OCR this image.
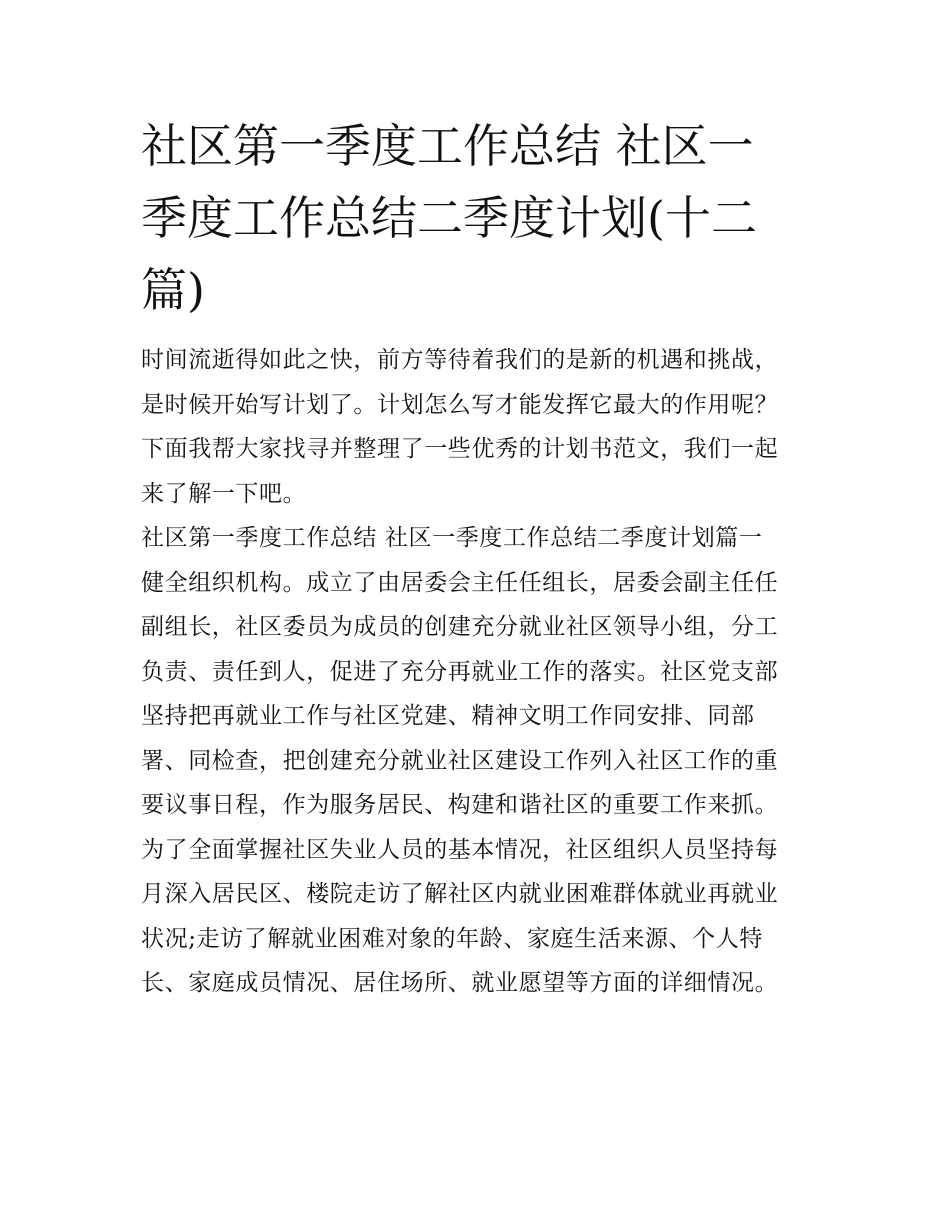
社区第一季度工作总结 社区一
季度工作总结二季度计划(十二
篇)
时间流逝得如此之快，前方等待着我们的是新的机遇和挑战，
是时候开始写计划了。计划怎么写才能发挥它最大的作用呢？
下面我帮大家找寻并整理了一些优秀的计划书范文，我们一起
来了解一下吧。
社区第一季度工作总结 社区一季度工作总结二季度计划篇一
健全组织机构。成立了由居委会主任任组长，居委会副主任任
副组长，社区委员为成员的创建充分就业社区领导小组，分工
负责、责任到人，促进了充分再就业工作的落实。社区党支部
坚持把再就业工作与社区党建、精神文明工作同安排、同部
署、同检查，把创建充分就业社区建设工作列入社区工作的重
要议事日程，作为服务居民、构建和谐社区的重要工作来抓。
为了全面掌握社区失业人员的基本情况，社区组织人员坚持每
月深入居民区、楼院走访了解社区内就业困难群体就业再就业
状况;走访了解就业困难对象的年龄、家庭生活来源、个人特
长、家庭成员情况、居住场所、就业愿望等方面的详细情况。
